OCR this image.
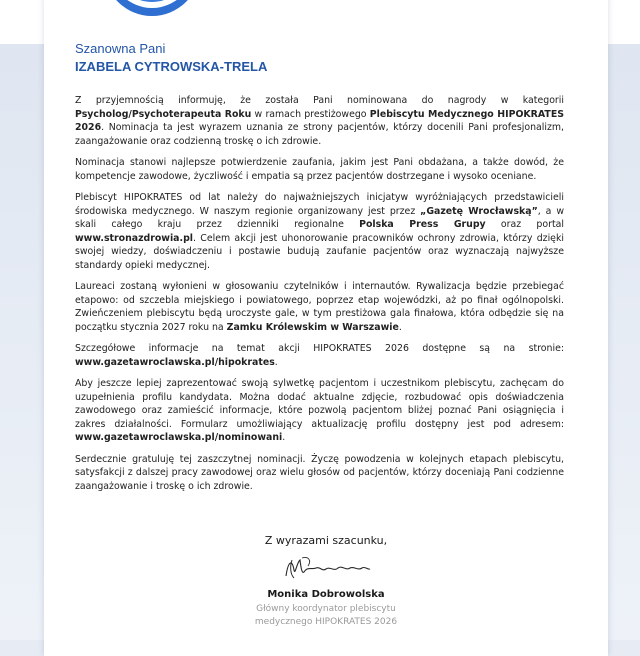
Szanowna Pani
IZABELA CYTROWSKA-TRELA

Z przyjemnością informuję, że została Pani nominowana do nagrody w kategorii Psycholog/Psychoterapeuta Roku w ramach prestiżowego Plebiscytu Medycznego HIPOKRATES 2026. Nominacja ta jest wyrazem uznania ze strony pacjentów, którzy docenili Pani profesjonalizm, zaangażowanie oraz codzienną troskę o ich zdrowie.

Nominacja stanowi najlepsze potwierdzenie zaufania, jakim jest Pani obdażana, a także dowód, że kompetencje zawodowe, życzliwość i empatia są przez pacjentów dostrzegane i wysoko oceniane.

Plebiscyt HIPOKRATES od lat należy do najważniejszych inicjatyw wyróżniających przedstawicieli środowiska medycznego. W naszym regionie organizowany jest przez „Gazetę Wrocławską”, a w skali całego kraju przez dzienniki regionalne Polska Press Grupy oraz portal www.stronazdrowia.pl. Celem akcji jest uhonorowanie pracowników ochrony zdrowia, którzy dzięki swojej wiedzy, doświadczeniu i postawie budują zaufanie pacjentów oraz wyznaczają najwyższe standardy opieki medycznej.

Laureaci zostaną wyłonieni w głosowaniu czytelników i internautów. Rywalizacja będzie przebiegać etapowo: od szczebla miejskiego i powiatowego, poprzez etap wojewódzki, aż po finał ogólnopolski. Zwieńczeniem plebiscytu będą uroczyste gale, w tym prestiżowa gala finałowa, która odbędzie się na początku stycznia 2027 roku na Zamku Królewskim w Warszawie.

Szczegółowe informacje na temat akcji HIPOKRATES 2026 dostępne są na stronie: www.gazetawroclawska.pl/hipokrates.

Aby jeszcze lepiej zaprezentować swoją sylwetkę pacjentom i uczestnikom plebiscytu, zachęcam do uzupełnienia profilu kandydata. Można dodać aktualne zdjęcie, rozbudować opis doświadczenia zawodowego oraz zamieścić informacje, które pozwolą pacjentom bliżej poznać Pani osiągnięcia i zakres działalności. Formularz umożliwiający aktualizację profilu dostępny jest pod adresem: www.gazetawroclawska.pl/nominowani.

Serdecznie gratuluję tej zaszczytnej nominacji. Życzę powodzenia w kolejnych etapach plebiscytu, satysfakcji z dalszej pracy zawodowej oraz wielu głosów od pacjentów, którzy doceniają Pani codzienne zaangażowanie i troskę o ich zdrowie.

Z wyrazami szacunku,
Monika Dobrowolska
Główny koordynator plebiscytu
medycznego HIPOKRATES 2026
